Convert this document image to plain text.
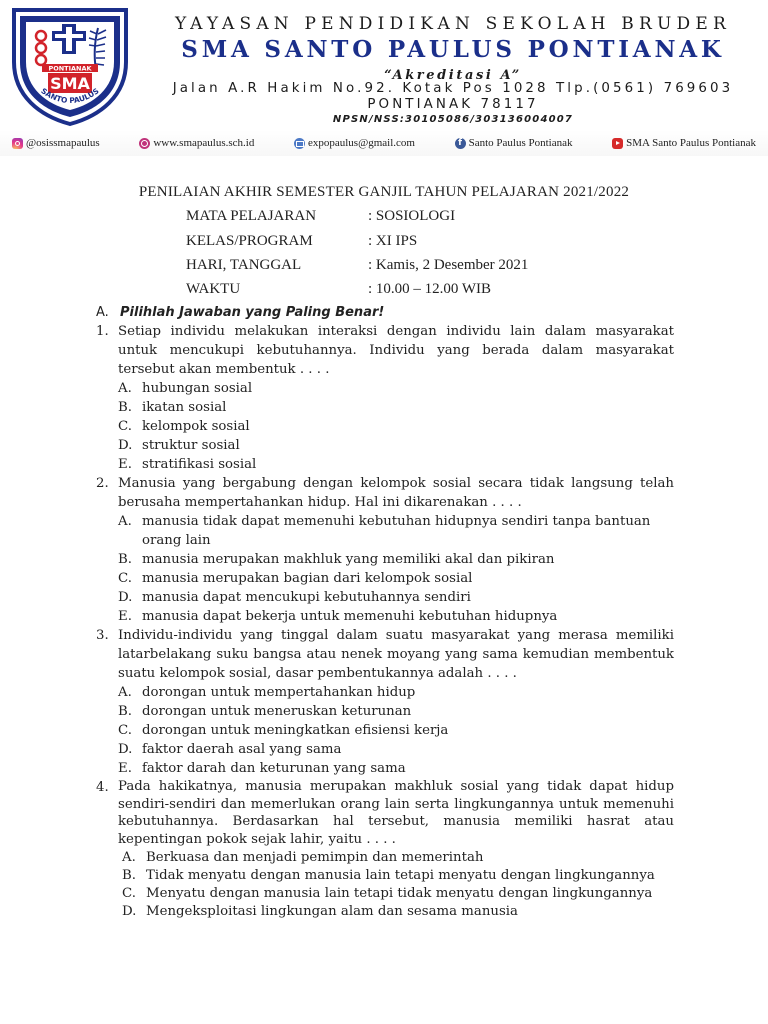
PONTIANAK
SMA
SANTO PAULUS
YAYASAN PENDIDIKAN SEKOLAH BRUDER
SMA SANTO PAULUS PONTIANAK
“Akreditasi A”
Jalan A.R Hakim No.92. Kotak Pos 1028 Tlp.(0561) 769603
PONTIANAK 78117
NPSN/NSS:30105086/303136004007
@osissmapaulus	www.smapaulus.sch.id	expopaulus@gmail.com	f Santo Paulus Pontianak	SMA Santo Paulus Pontianak
PENILAIAN AKHIR SEMESTER GANJIL TAHUN PELAJARAN 2021/2022
MATA PELAJARAN	: SOSIOLOGI
KELAS/PROGRAM	: XI IPS
HARI, TANGGAL	: Kamis, 2 Desember 2021
WAKTU	: 10.00 – 12.00 WIB
A. Pilihlah Jawaban yang Paling Benar!
1. Setiap individu melakukan interaksi dengan individu lain dalam masyarakat untuk mencukupi kebutuhannya. Individu yang berada dalam masyarakat tersebut akan membentuk . . . .

A. hubungan sosial
B. ikatan sosial
C. kelompok sosial
D. struktur sosial
E. stratifikasi sosial
2. Manusia yang bergabung dengan kelompok sosial secara tidak langsung telah berusaha mempertahankan hidup. Hal ini dikarenakan . . . .

A. manusia tidak dapat memenuhi kebutuhan hidupnya sendiri tanpa bantuan orang lain
B. manusia merupakan makhluk yang memiliki akal dan pikiran
C. manusia merupakan bagian dari kelompok sosial
D. manusia dapat mencukupi kebutuhannya sendiri
E. manusia dapat bekerja untuk memenuhi kebutuhan hidupnya
3. Individu-individu yang tinggal dalam suatu masyarakat yang merasa memiliki latarbelakang suku bangsa atau nenek moyang yang sama kemudian membentuk suatu kelompok sosial, dasar pembentukannya adalah . . . .

A. dorongan untuk mempertahankan hidup
B. dorongan untuk meneruskan keturunan
C. dorongan untuk meningkatkan efisiensi kerja
D. faktor daerah asal yang sama
E. faktor darah dan keturunan yang sama
4. Pada hakikatnya, manusia merupakan makhluk sosial yang tidak dapat hidup sendiri-sendiri dan memerlukan orang lain serta lingkungannya untuk memenuhi kebutuhannya. Berdasarkan hal tersebut, manusia memiliki hasrat atau kepentingan pokok sejak lahir, yaitu . . . .

A. Berkuasa dan menjadi pemimpin dan memerintah
B. Tidak menyatu dengan manusia lain tetapi menyatu dengan lingkungannya
C. Menyatu dengan manusia lain tetapi tidak menyatu dengan lingkungannya
D. Mengeksploitasi lingkungan alam dan sesama manusia
